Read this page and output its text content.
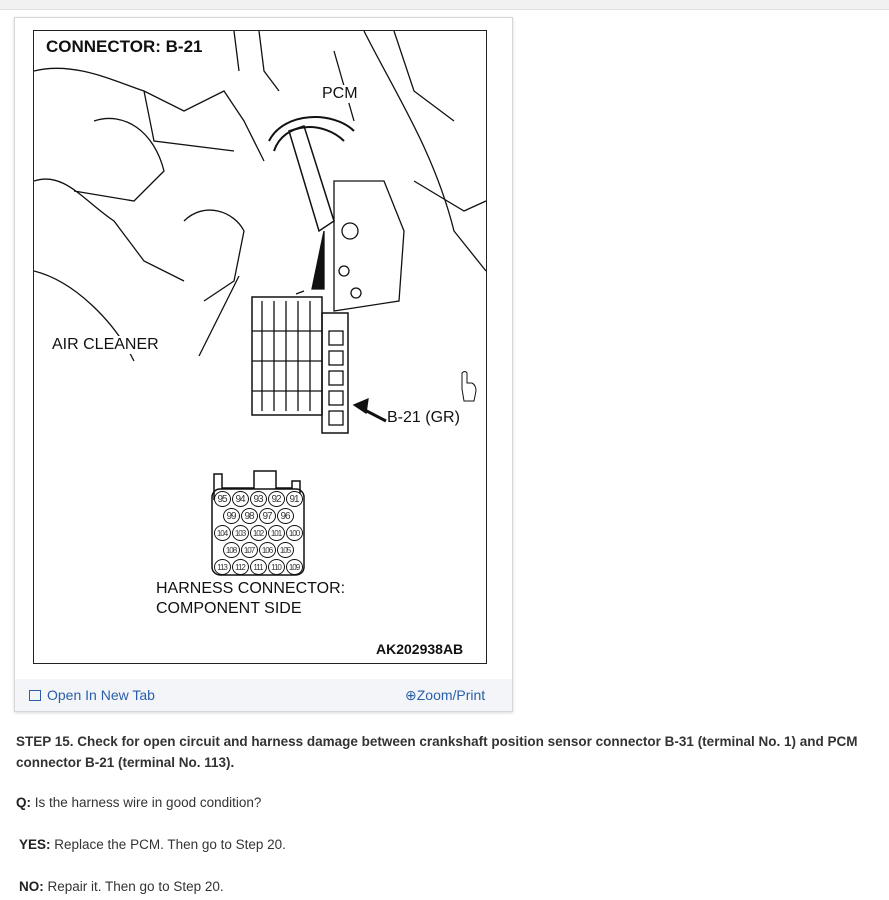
CONNECTOR: B-21
PCM
AIR CLEANER
B-21 (GR)
95 94 93 92 91
99 98 97 96
104 103 102 101 100
108 107 106 105
113	112	111	110 109
HARNESS CONNECTOR:
COMPONENT SIDE
AK202938AB
Open In New Tab	⊕Zoom/Print
STEP 15. Check for open circuit and harness damage between crankshaft position sensor connector B-31 (terminal No. 1) and PCM connector B-21 (terminal No. 113).
Q: Is the harness wire in good condition?
YES: Replace the PCM. Then go to Step 20.
NO: Repair it. Then go to Step 20.
